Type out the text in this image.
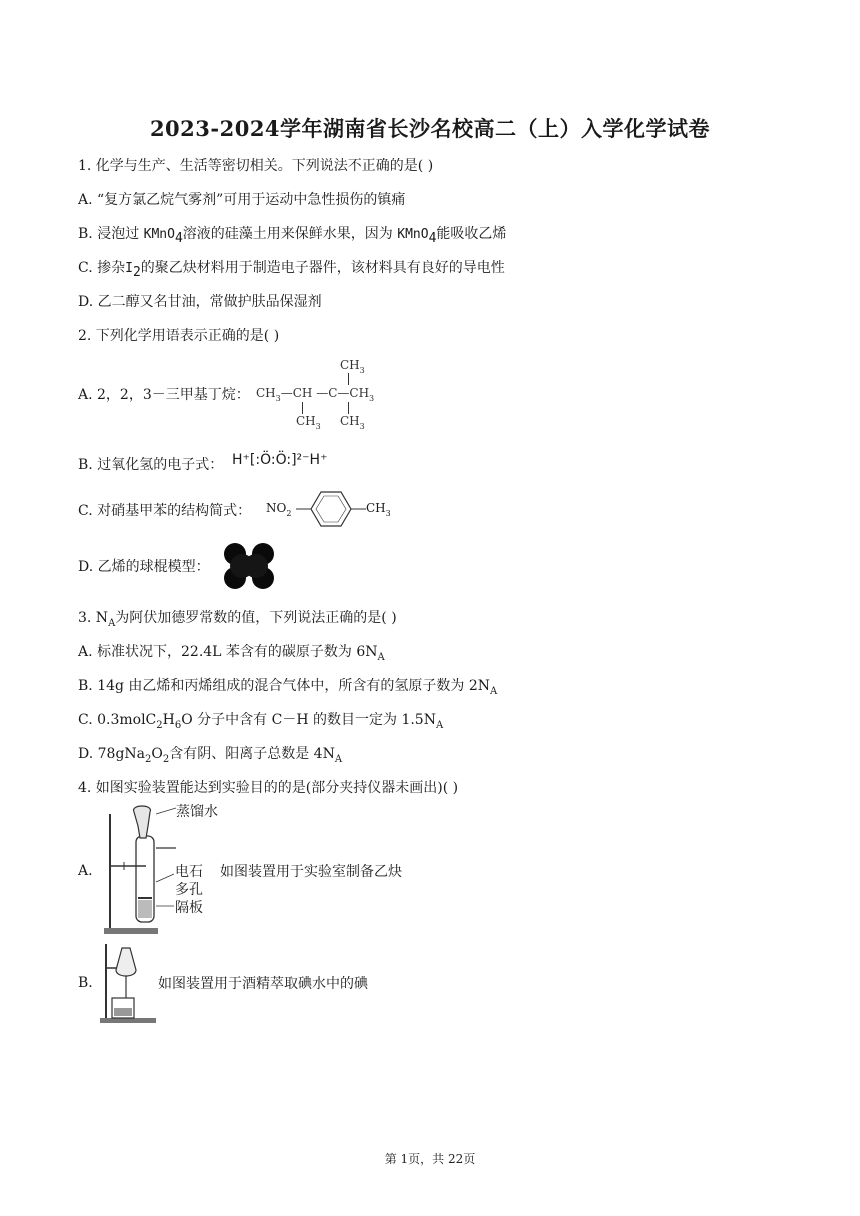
2023-2024学年湖南省长沙名校高二（上）入学化学试卷
1. 化学与生产、生活等密切相关。下列说法不正确的是( )
A. “复方氯乙烷气雾剂”可用于运动中急性损伤的镇痛
B. 浸泡过 KMnO4溶液的硅藻土用来保鲜水果，因为 KMnO4能吸收乙烯
C. 掺杂I2的聚乙炔材料用于制造电子器件，该材料具有良好的导电性
D. 乙二醇又名甘油，常做护肤品保湿剂
2. 下列化学用语表示正确的是( )
A. 2，2，3－三甲基丁烷：
$CH_3$
$CH_3—CH$ $—C—CH_3$
$CH_3$ $CH_3$
B. 过氧化氢的电子式： H⁺[:Ö:Ö:]²⁻H⁺
C. 对硝基甲苯的结构简式： $NO_2$	$CH_3$
D. 乙烯的球棍模型：
3. $N_A$为阿伏加德罗常数的值，下列说法正确的是( )
A. 标准状况下，22.4L 苯含有的碳原子数为 $6N_A$
B. 14g 由乙烯和丙烯组成的混合气体中，所含有的氢原子数为 $2N_A$
C. $0.3molC_2H_6O$ 分子中含有 C－H 的数目一定为 $1.5N_A$
D. $78gNa_2O_2$含有阴、阳离子总数是 $4N_A$
4. 如图实验装置能达到实验目的的是(部分夹持仪器未画出)( )
A.
蒸馏水
电石
多孔
隔板
如图装置用于实验室制备乙炔
B.	如图装置用于酒精萃取碘水中的碘
第 1页，共 22页
